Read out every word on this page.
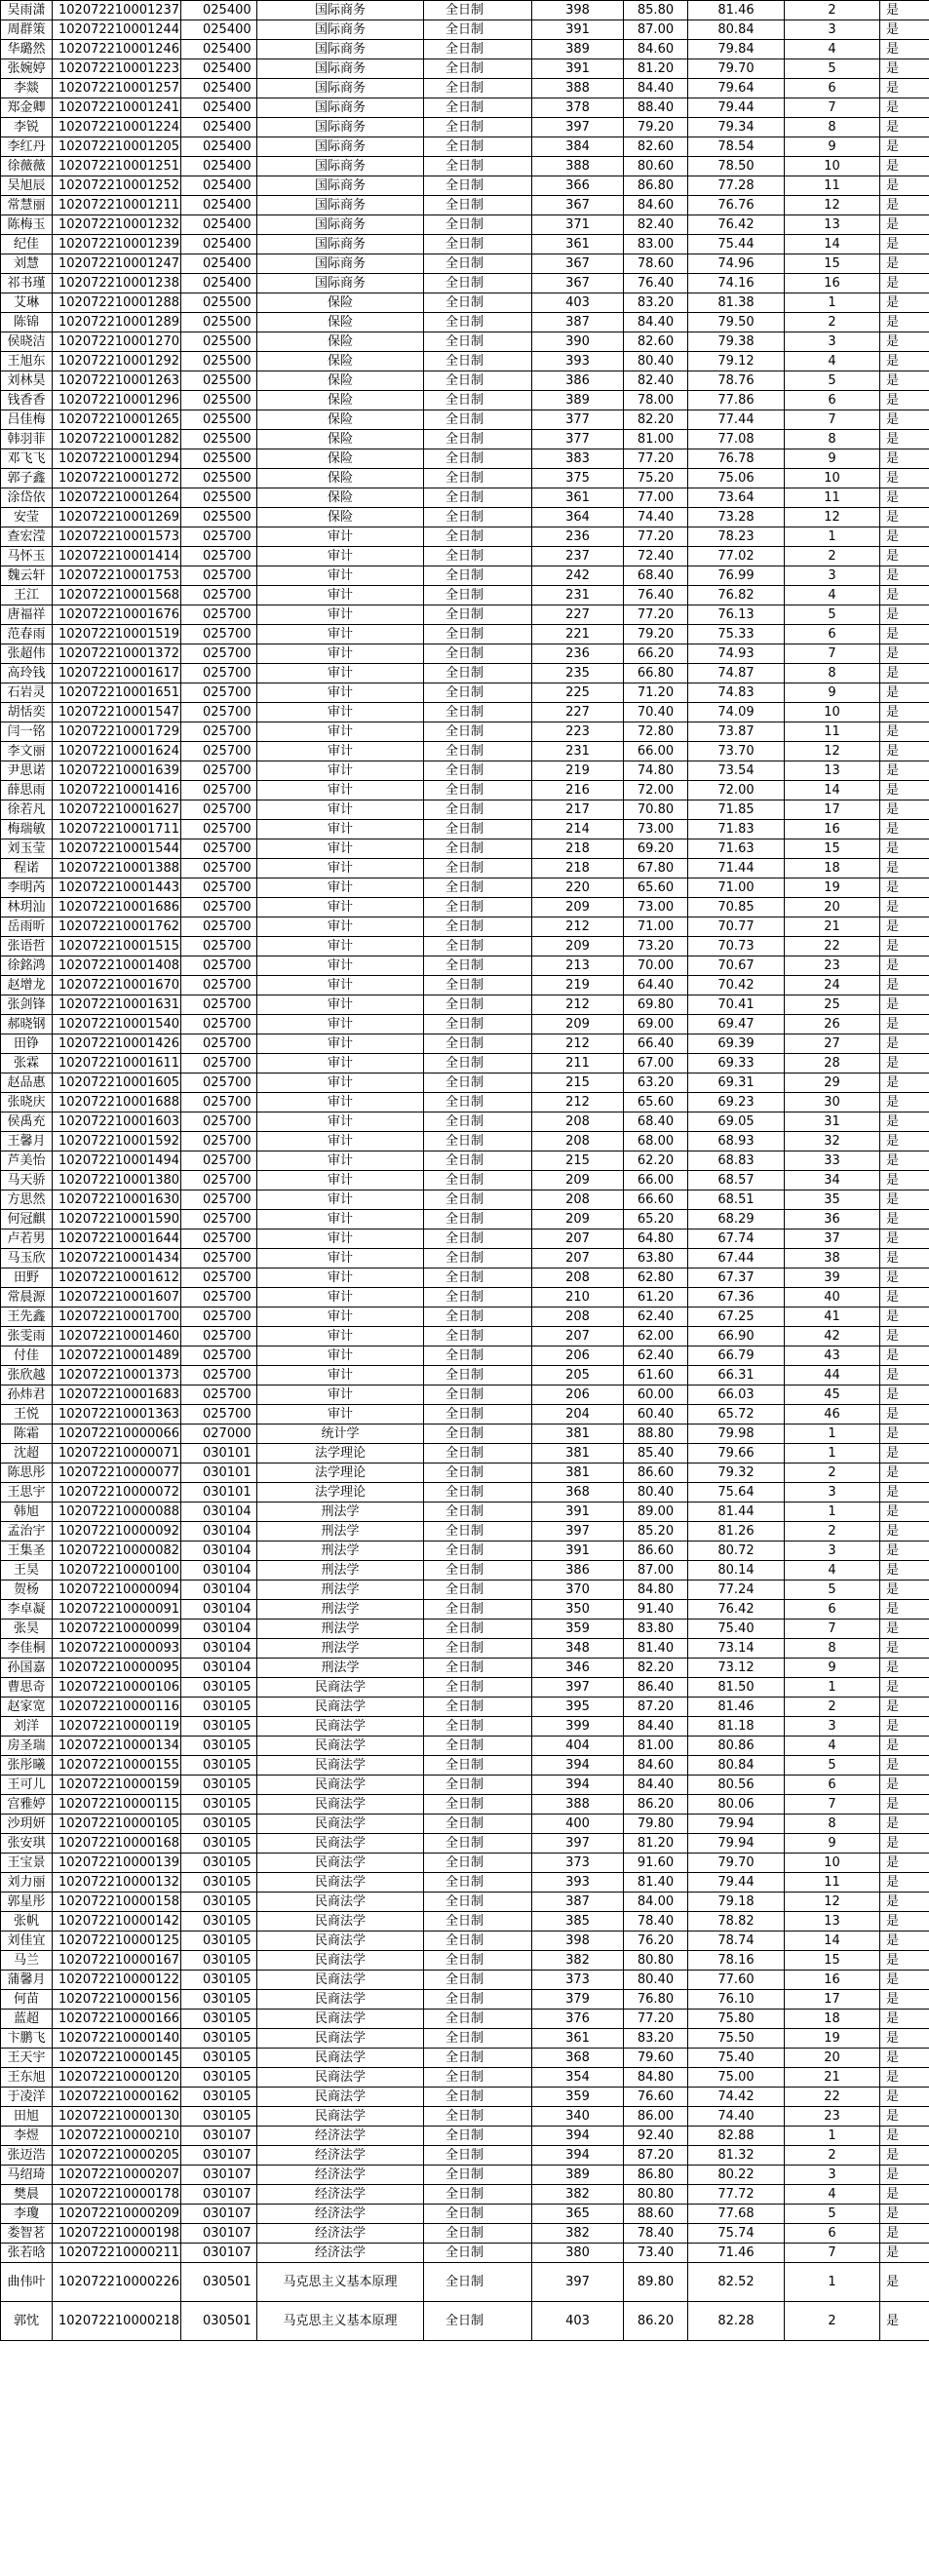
吴雨潇	102072210001237	025400	国际商务	全日制	398	85.80	81.46	2	是
周群策	102072210001244	025400	国际商务	全日制	391	87.00	80.84	3	是
华璐然	102072210001246	025400	国际商务	全日制	389	84.60	79.84	4	是
张婉婷	102072210001223	025400	国际商务	全日制	391	81.20	79.70	5	是
李燚	102072210001257	025400	国际商务	全日制	388	84.40	79.64	6	是
郑金卿	102072210001241	025400	国际商务	全日制	378	88.40	79.44	7	是
李锐	102072210001224	025400	国际商务	全日制	397	79.20	79.34	8	是
李红丹	102072210001205	025400	国际商务	全日制	384	82.60	78.54	9	是
徐薇薇	102072210001251	025400	国际商务	全日制	388	80.60	78.50	10	是
吴旭辰	102072210001252	025400	国际商务	全日制	366	86.80	77.28	11	是
常慧丽	102072210001211	025400	国际商务	全日制	367	84.60	76.76	12	是
陈梅玉	102072210001232	025400	国际商务	全日制	371	82.40	76.42	13	是
纪佳	102072210001239	025400	国际商务	全日制	361	83.00	75.44	14	是
刘慧	102072210001247	025400	国际商务	全日制	367	78.60	74.96	15	是
祁书瑾	102072210001238	025400	国际商务	全日制	367	76.40	74.16	16	是
艾琳	102072210001288	025500	保险	全日制	403	83.20	81.38	1	是
陈锦	102072210001289	025500	保险	全日制	387	84.40	79.50	2	是
侯晓洁	102072210001270	025500	保险	全日制	390	82.60	79.38	3	是
王旭东	102072210001292	025500	保险	全日制	393	80.40	79.12	4	是
刘林昊	102072210001263	025500	保险	全日制	386	82.40	78.76	5	是
钱香香	102072210001296	025500	保险	全日制	389	78.00	77.86	6	是
吕佳梅	102072210001265	025500	保险	全日制	377	82.20	77.44	7	是
韩羽菲	102072210001282	025500	保险	全日制	377	81.00	77.08	8	是
邓飞飞	102072210001294	025500	保险	全日制	383	77.20	76.78	9	是
郭子鑫	102072210001272	025500	保险	全日制	375	75.20	75.06	10	是
涂岱依	102072210001264	025500	保险	全日制	361	77.00	73.64	11	是
安莹	102072210001269	025500	保险	全日制	364	74.40	73.28	12	是
查宏滢	102072210001573	025700	审计	全日制	236	77.20	78.23	1	是
马怀玉	102072210001414	025700	审计	全日制	237	72.40	77.02	2	是
魏云轩	102072210001753	025700	审计	全日制	242	68.40	76.99	3	是
王江	102072210001568	025700	审计	全日制	231	76.40	76.82	4	是
唐福祥	102072210001676	025700	审计	全日制	227	77.20	76.13	5	是
范春雨	102072210001519	025700	审计	全日制	221	79.20	75.33	6	是
张超伟	102072210001372	025700	审计	全日制	236	66.20	74.93	7	是
高玲钱	102072210001617	025700	审计	全日制	235	66.80	74.87	8	是
石岩灵	102072210001651	025700	审计	全日制	225	71.20	74.83	9	是
胡恬奕	102072210001547	025700	审计	全日制	227	70.40	74.09	10	是
闫一铭	102072210001729	025700	审计	全日制	223	72.80	73.87	11	是
李文丽	102072210001624	025700	审计	全日制	231	66.00	73.70	12	是
尹思诺	102072210001639	025700	审计	全日制	219	74.80	73.54	13	是
薛思雨	102072210001416	025700	审计	全日制	216	72.00	72.00	14	是
徐若凡	102072210001627	025700	审计	全日制	217	70.80	71.85	17	是
梅瑞敏	102072210001711	025700	审计	全日制	214	73.00	71.83	16	是
刘玉莹	102072210001544	025700	审计	全日制	218	69.20	71.63	15	是
程诺	102072210001388	025700	审计	全日制	218	67.80	71.44	18	是
李明芮	102072210001443	025700	审计	全日制	220	65.60	71.00	19	是
林玥汕	102072210001686	025700	审计	全日制	209	73.00	70.85	20	是
岳雨昕	102072210001762	025700	审计	全日制	212	71.00	70.77	21	是
张语哲	102072210001515	025700	审计	全日制	209	73.20	70.73	22	是
徐銘鸿	102072210001408	025700	审计	全日制	213	70.00	70.67	23	是
赵增龙	102072210001670	025700	审计	全日制	219	64.40	70.42	24	是
张剑锋	102072210001631	025700	审计	全日制	212	69.80	70.41	25	是
郝晓钢	102072210001540	025700	审计	全日制	209	69.00	69.47	26	是
田铮	102072210001426	025700	审计	全日制	212	66.40	69.39	27	是
张霖	102072210001611	025700	审计	全日制	211	67.00	69.33	28	是
赵品惠	102072210001605	025700	审计	全日制	215	63.20	69.31	29	是
张晓庆	102072210001688	025700	审计	全日制	212	65.60	69.23	30	是
侯禹充	102072210001603	025700	审计	全日制	208	68.40	69.05	31	是
王馨月	102072210001592	025700	审计	全日制	208	68.00	68.93	32	是
芦美怡	102072210001494	025700	审计	全日制	215	62.20	68.83	33	是
马天骄	102072210001380	025700	审计	全日制	209	66.00	68.57	34	是
方思然	102072210001630	025700	审计	全日制	208	66.60	68.51	35	是
何冠麒	102072210001590	025700	审计	全日制	209	65.20	68.29	36	是
卢若男	102072210001644	025700	审计	全日制	207	64.80	67.74	37	是
马玉欣	102072210001434	025700	审计	全日制	207	63.80	67.44	38	是
田野	102072210001612	025700	审计	全日制	208	62.80	67.37	39	是
常晨源	102072210001607	025700	审计	全日制	210	61.20	67.36	40	是
王先鑫	102072210001700	025700	审计	全日制	208	62.40	67.25	41	是
张雯雨	102072210001460	025700	审计	全日制	207	62.00	66.90	42	是
付佳	102072210001489	025700	审计	全日制	206	62.40	66.79	43	是
张欣越	102072210001373	025700	审计	全日制	205	61.60	66.31	44	是
孙炜君	102072210001683	025700	审计	全日制	206	60.00	66.03	45	是
王悦	102072210001363	025700	审计	全日制	204	60.40	65.72	46	是
陈霜	102072210000066	027000	统计学	全日制	381	88.80	79.98	1	是
沈超	102072210000071	030101	法学理论	全日制	381	85.40	79.66	1	是
陈思彤	102072210000077	030101	法学理论	全日制	381	86.60	79.32	2	是
王思宇	102072210000072	030101	法学理论	全日制	368	80.40	75.64	3	是
韩旭	102072210000088	030104	刑法学	全日制	391	89.00	81.44	1	是
孟治宇	102072210000092	030104	刑法学	全日制	397	85.20	81.26	2	是
王集圣	102072210000082	030104	刑法学	全日制	391	86.60	80.72	3	是
王昊	102072210000100	030104	刑法学	全日制	386	87.00	80.14	4	是
贺杨	102072210000094	030104	刑法学	全日制	370	84.80	77.24	5	是
李卓凝	102072210000091	030104	刑法学	全日制	350	91.40	76.42	6	是
张昊	102072210000099	030104	刑法学	全日制	359	83.80	75.40	7	是
李佳桐	102072210000093	030104	刑法学	全日制	348	81.40	73.14	8	是
孙国嘉	102072210000095	030104	刑法学	全日制	346	82.20	73.12	9	是
曹思奇	102072210000106	030105	民商法学	全日制	397	86.40	81.50	1	是
赵家宽	102072210000116	030105	民商法学	全日制	395	87.20	81.46	2	是
刘洋	102072210000119	030105	民商法学	全日制	399	84.40	81.18	3	是
房圣瑞	102072210000134	030105	民商法学	全日制	404	81.00	80.86	4	是
张彤曦	102072210000155	030105	民商法学	全日制	394	84.60	80.84	5	是
王可儿	102072210000159	030105	民商法学	全日制	394	84.40	80.56	6	是
宫雅婷	102072210000115	030105	民商法学	全日制	388	86.20	80.06	7	是
沙玥妍	102072210000105	030105	民商法学	全日制	400	79.80	79.94	8	是
张安琪	102072210000168	030105	民商法学	全日制	397	81.20	79.94	9	是
王宝景	102072210000139	030105	民商法学	全日制	373	91.60	79.70	10	是
刘力丽	102072210000132	030105	民商法学	全日制	393	81.40	79.44	11	是
郭星彤	102072210000158	030105	民商法学	全日制	387	84.00	79.18	12	是
张帆	102072210000142	030105	民商法学	全日制	385	78.40	78.82	13	是
刘佳宜	102072210000125	030105	民商法学	全日制	398	76.20	78.74	14	是
马兰	102072210000167	030105	民商法学	全日制	382	80.80	78.16	15	是
蒲馨月	102072210000122	030105	民商法学	全日制	373	80.40	77.60	16	是
何苗	102072210000156	030105	民商法学	全日制	379	76.80	76.10	17	是
蓝超	102072210000166	030105	民商法学	全日制	376	77.20	75.80	18	是
卞鹏飞	102072210000140	030105	民商法学	全日制	361	83.20	75.50	19	是
王天宇	102072210000145	030105	民商法学	全日制	368	79.60	75.40	20	是
王东旭	102072210000120	030105	民商法学	全日制	354	84.80	75.00	21	是
于凌洋	102072210000162	030105	民商法学	全日制	359	76.60	74.42	22	是
田旭	102072210000130	030105	民商法学	全日制	340	86.00	74.40	23	是
李煜	102072210000210	030107	经济法学	全日制	394	92.40	82.88	1	是
张迈浩	102072210000205	030107	经济法学	全日制	394	87.20	81.32	2	是
马绍琦	102072210000207	030107	经济法学	全日制	389	86.80	80.22	3	是
樊晨	102072210000178	030107	经济法学	全日制	382	80.80	77.72	4	是
李瓊	102072210000209	030107	经济法学	全日制	365	88.60	77.68	5	是
娄智茗	102072210000198	030107	经济法学	全日制	382	78.40	75.74	6	是
张若晗	102072210000211	030107	经济法学	全日制	380	73.40	71.46	7	是
曲伟叶	102072210000226	030501	马克思主义基本原理	全日制	397	89.80	82.52	1	是
郭忱	102072210000218	030501	马克思主义基本原理	全日制	403	86.20	82.28	2	是
